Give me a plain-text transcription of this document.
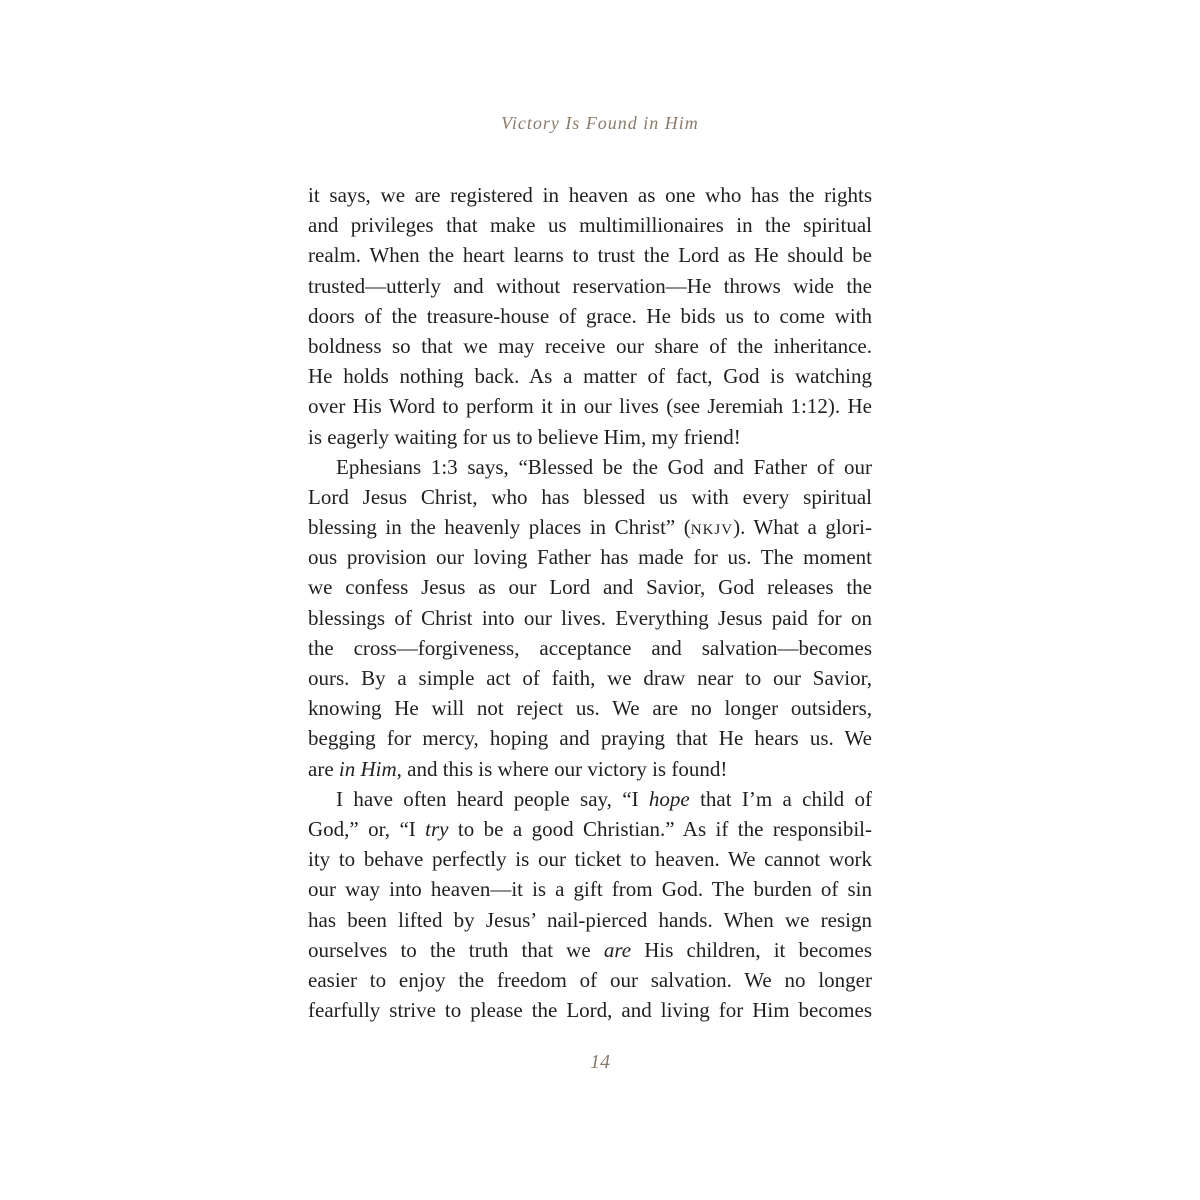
Victory Is Found in Him
it says, we are registered in heaven as one who has the rights
and privileges that make us multimillionaires in the spiritual
realm. When the heart learns to trust the Lord as He should be
trusted—utterly and without reservation—He throws wide the
doors of the treasure-house of grace. He bids us to come with
boldness so that we may receive our share of the inheritance.
He holds nothing back. As a matter of fact, God is watching
over His Word to perform it in our lives (see Jeremiah 1:12). He
is eagerly waiting for us to believe Him, my friend!
Ephesians 1:3 says, “Blessed be the God and Father of our
Lord Jesus Christ, who has blessed us with every spiritual
blessing in the heavenly places in Christ” (NKJV). What a glori-
ous provision our loving Father has made for us. The moment
we confess Jesus as our Lord and Savior, God releases the
blessings of Christ into our lives. Everything Jesus paid for on
the cross—forgiveness, acceptance and salvation—becomes
ours. By a simple act of faith, we draw near to our Savior,
knowing He will not reject us. We are no longer outsiders,
begging for mercy, hoping and praying that He hears us. We
are in Him, and this is where our victory is found!
I have often heard people say, “I hope that I’m a child of
God,” or, “I try to be a good Christian.” As if the responsibil-
ity to behave perfectly is our ticket to heaven. We cannot work
our way into heaven—it is a gift from God. The burden of sin
has been lifted by Jesus’ nail-pierced hands. When we resign
ourselves to the truth that we are His children, it becomes
easier to enjoy the freedom of our salvation. We no longer
fearfully strive to please the Lord, and living for Him becomes
14
